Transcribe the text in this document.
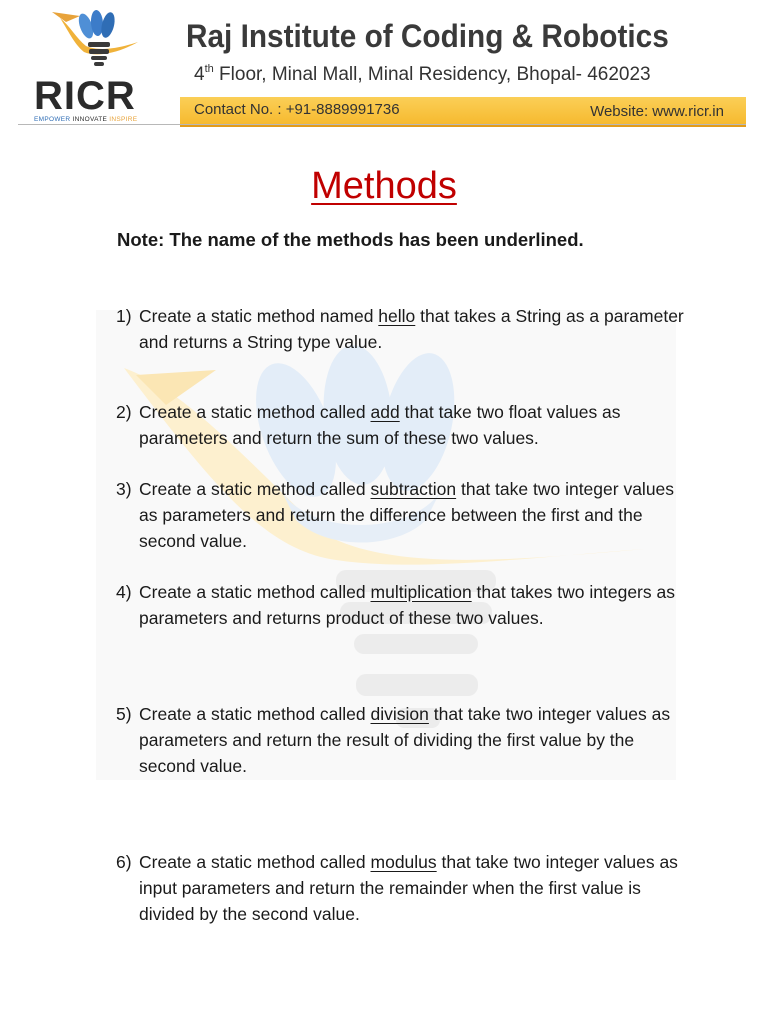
RICR
EMPOWER INNOVATE INSPIRE
Raj Institute of Coding & Robotics
4th Floor, Minal Mall, Minal Residency, Bhopal- 462023
Contact No. : +91-8889991736	Website: www.ricr.in
Methods
Note: The name of the methods has been underlined.
1) Create a static method named hello that takes a String as a parameter and returns a String type value.
2) Create a static method called add that take two float values as parameters and return the sum of these two values.
3) Create a static method called subtraction that take two integer values as parameters and return the difference between the first and the second value.
4) Create a static method called multiplication that takes two integers as parameters and returns product of these two values.
5) Create a static method called division that take two integer values as parameters and return the result of dividing the first value by the second value.
6) Create a static method called modulus that take two integer values as input parameters and return the remainder when the first value is divided by the second value.
